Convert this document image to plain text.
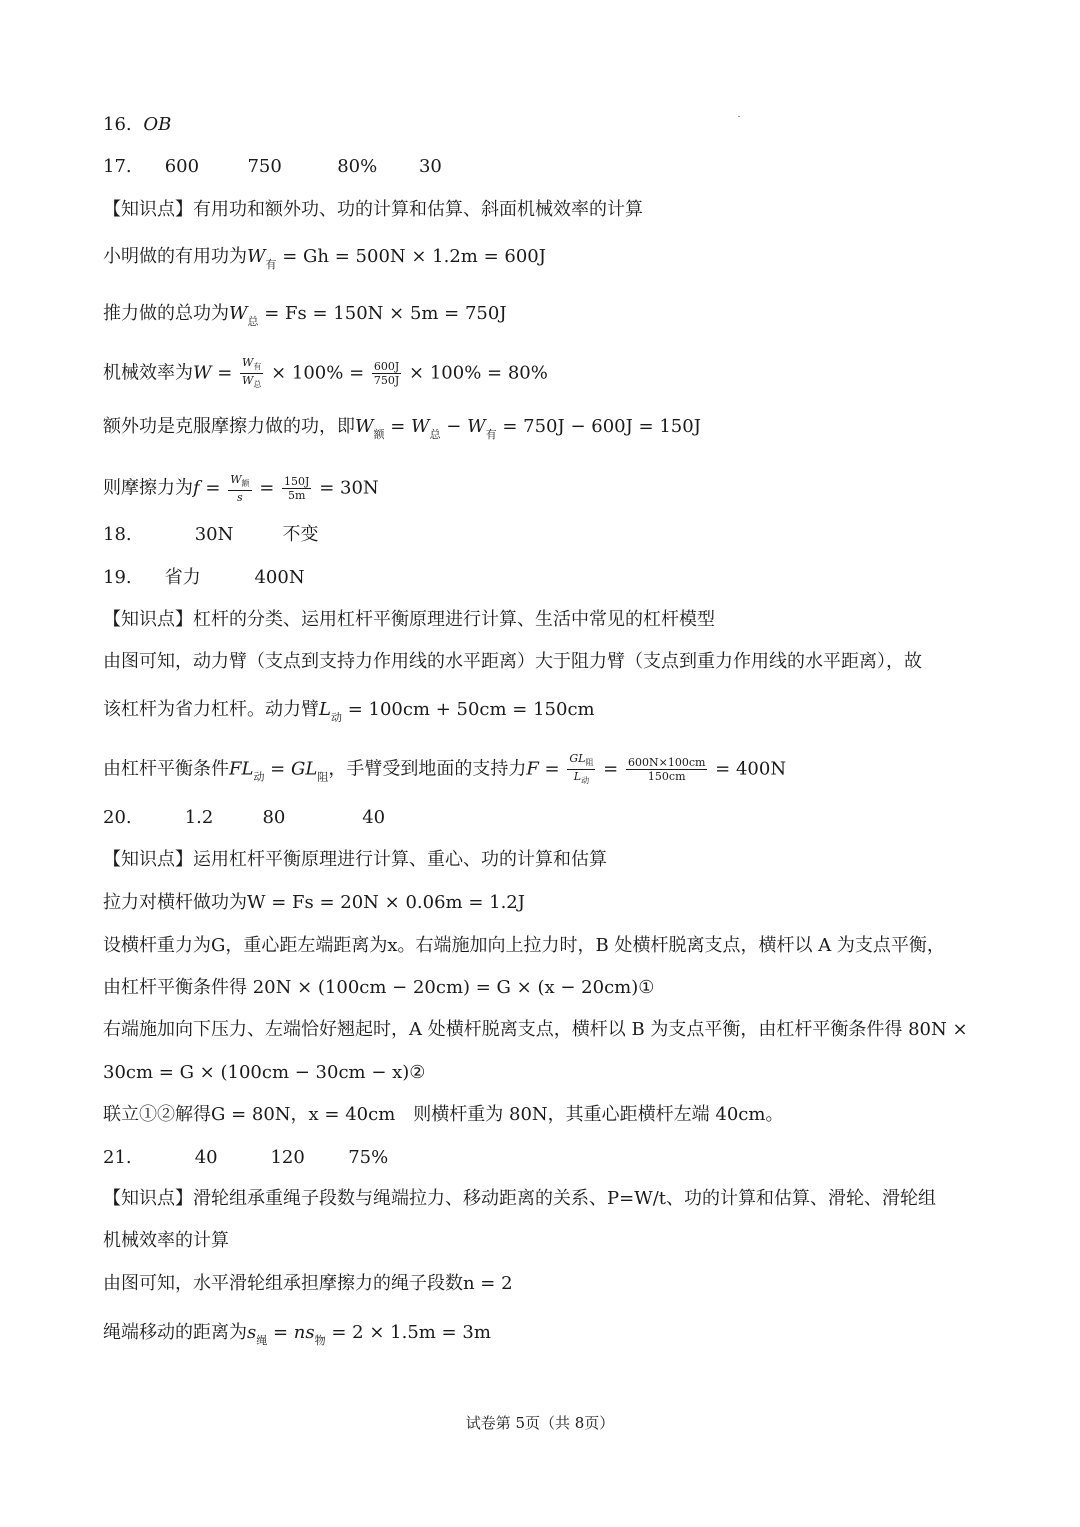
16. OB
17. 600	750	80% 30
【知识点】有用功和额外功、功的计算和估算、斜面机械效率的计算
小明做的有用功为$W_有 = Gh = 500N \times 1.2m = 600J$
推力做的总功为$W_总 = Fs = 150N \times 5m = 750J$
机械效率为$W = \frac{W_有}{W_总} \times 100\% = \frac{600J}{750J} \times 100\% = 80\%$
额外功是克服摩擦力做的功，即$W_额 = W_总 - W_有 = 750J - 600J = 150J$
则摩擦力为$f = \frac{W_额}{s} = \frac{150J}{5m} = 30N$
18.	30N	不变
19. 省力	400N
【知识点】杠杆的分类、运用杠杆平衡原理进行计算、生活中常见的杠杆模型
由图可知，动力臂（支点到支持力作用线的水平距离）大于阻力臂（支点到重力作用线的水平距离），故
该杠杆为省力杠杆。动力臂$L_动 = 100cm + 50cm = 150cm$
由杠杆平衡条件$FL_动 = GL_阻$，手臂受到地面的支持力$F = \frac{GL_阻}{L_动} = \frac{600N\times 100cm}{150cm} = 400N$
20.	1.2	80	40
【知识点】运用杠杆平衡原理进行计算、重心、功的计算和估算
拉力对横杆做功为W = Fs = 20N × 0.06m = 1.2J
设横杆重力为G，重心距左端距离为x。右端施加向上拉力时，B 处横杆脱离支点，横杆以 A 为支点平衡，
由杠杆平衡条件得 20N × (100cm − 20cm) = G × (x − 20cm)①
右端施加向下压力、左端恰好翘起时，A 处横杆脱离支点，横杆以 B 为支点平衡，由杠杆平衡条件得 80N ×
30cm = G × (100cm − 30cm − x)②
联立①②解得G = 80N，x = 40cm　则横杆重为 80N，其重心距横杆左端 40cm。
21.	40	120 75%
【知识点】滑轮组承重绳子段数与绳端拉力、移动距离的关系、P=W/t、功的计算和估算、滑轮、滑轮组
机械效率的计算
由图可知，水平滑轮组承担摩擦力的绳子段数n = 2
绳端移动的距离为$s_绳 = ns_物 = 2 \times 1.5m = 3m$
试卷第 5页（共 8页）
